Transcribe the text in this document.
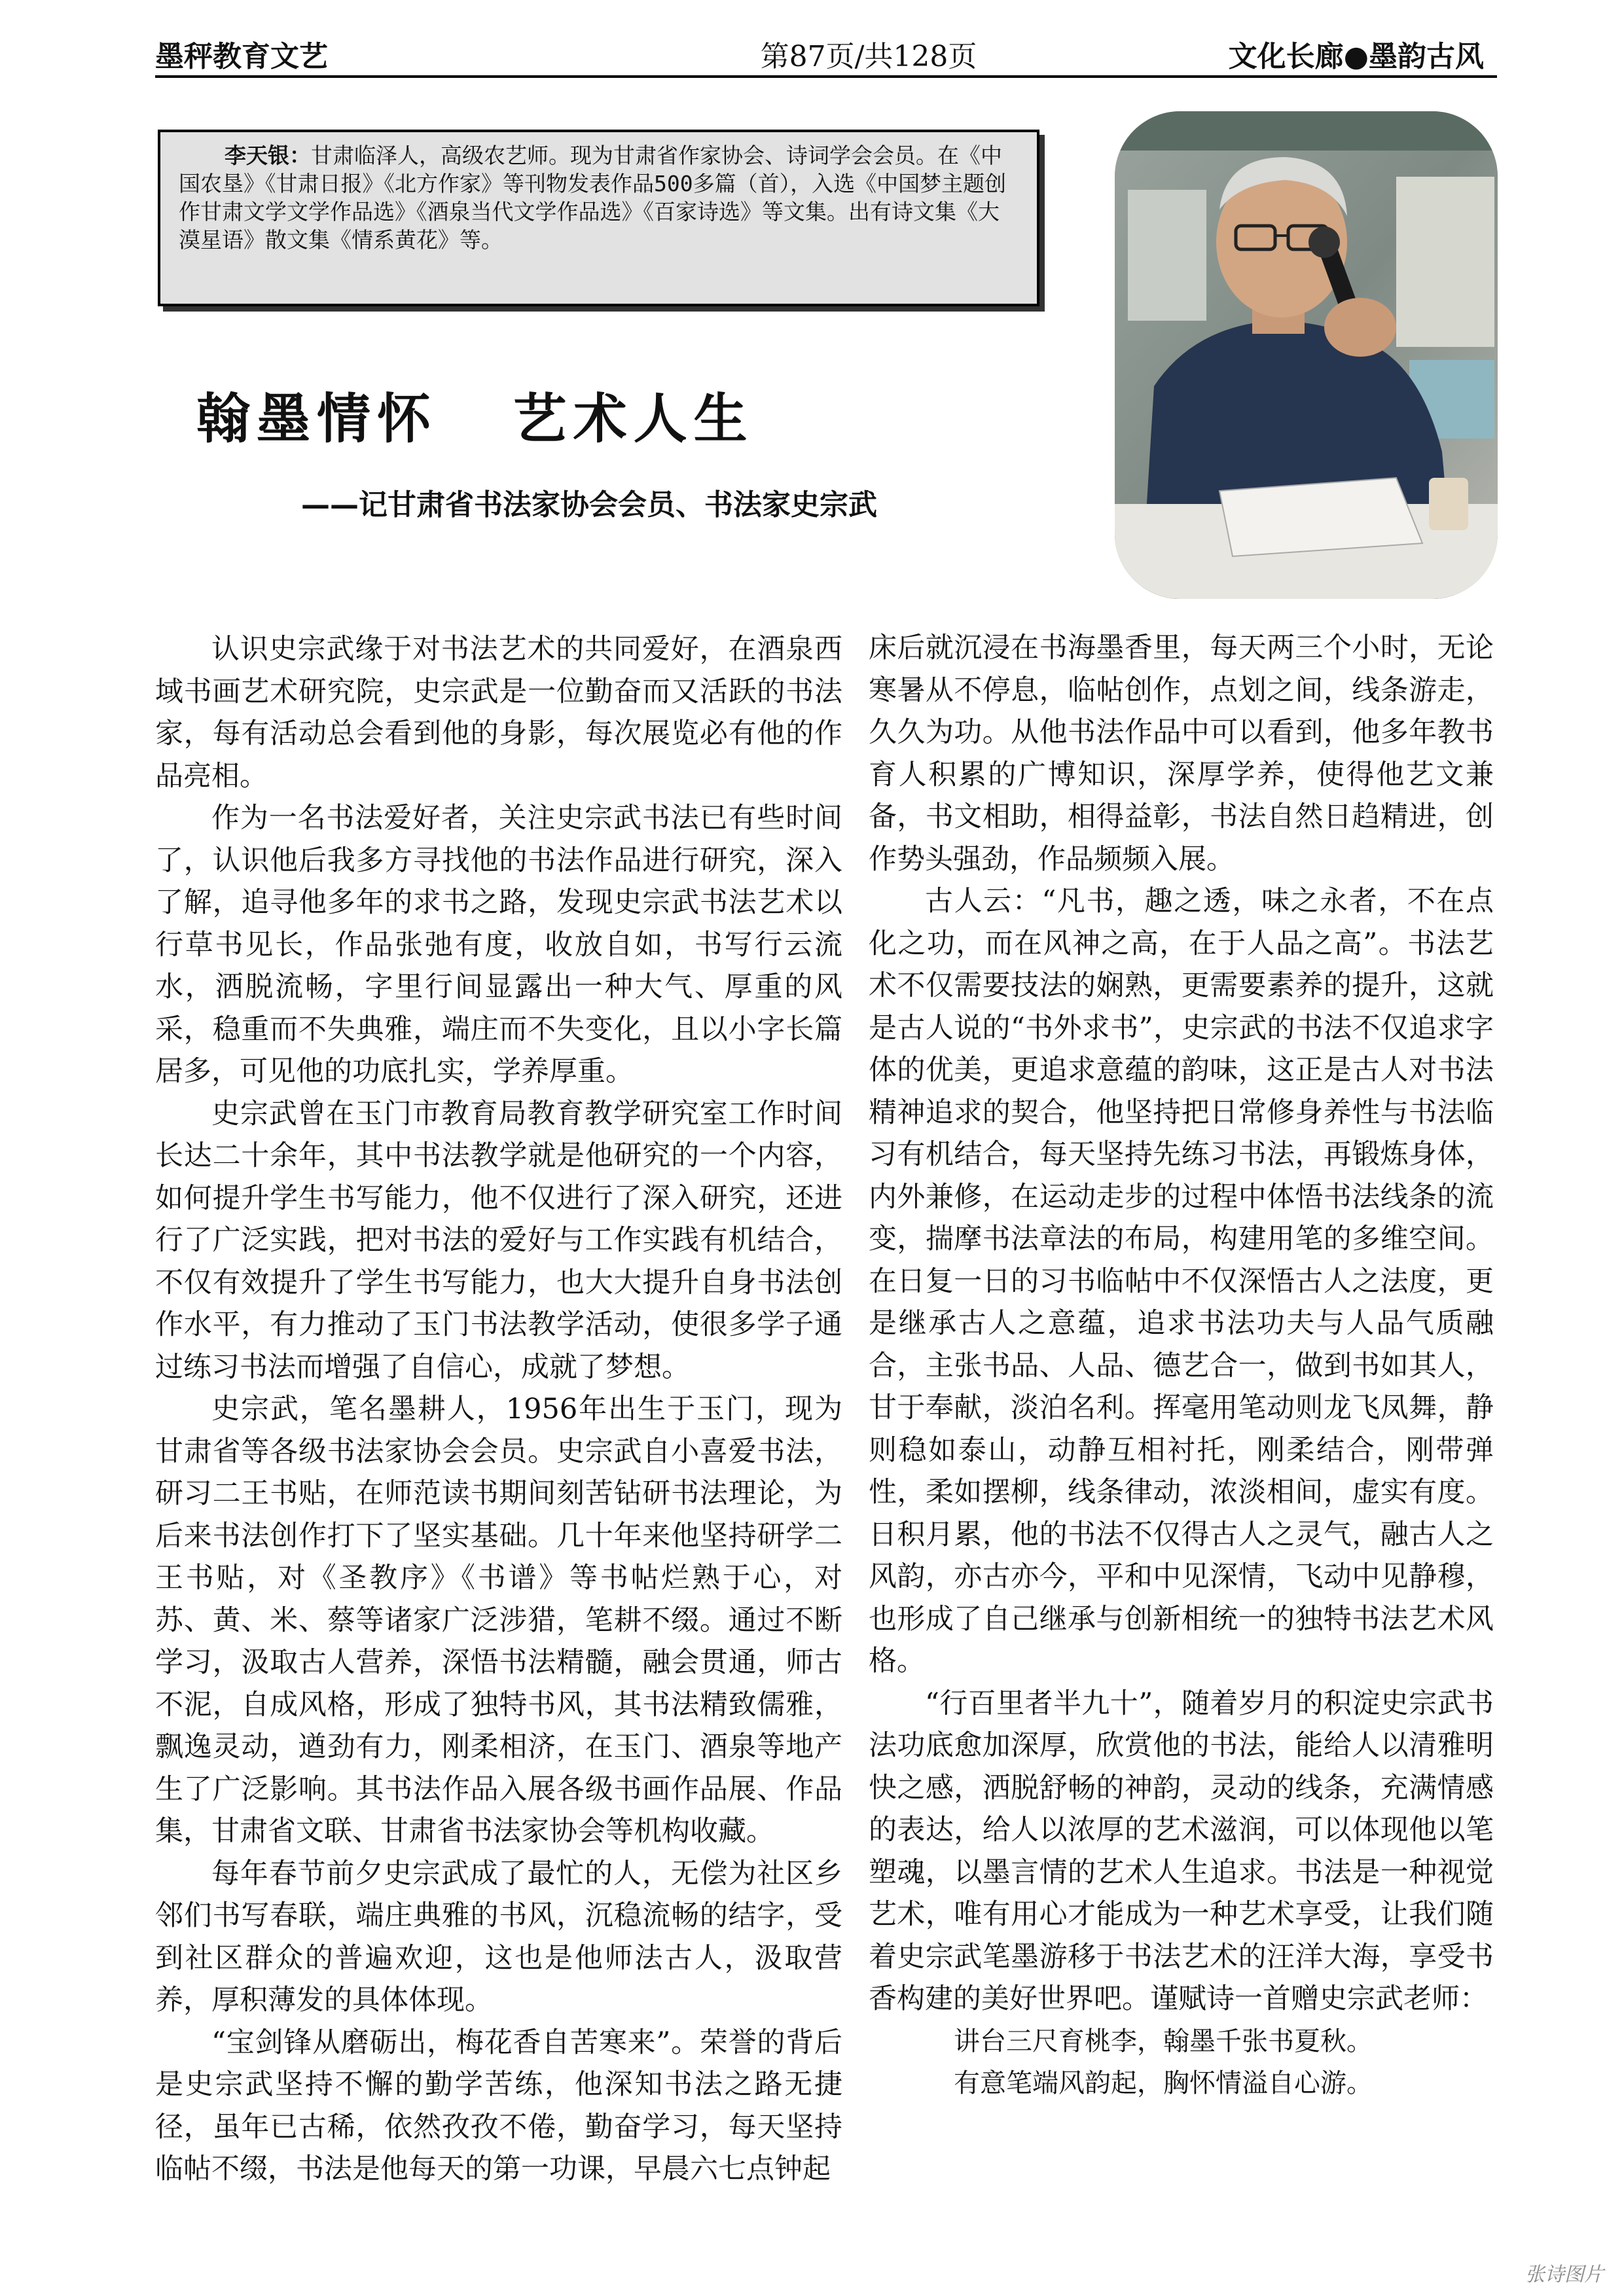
墨秤教育文艺	第87页/共128页	文化长廊●墨韵古风
李天银：甘肃临泽人，高级农艺师。现为甘肃省作家协会、诗词学会会员。在《中国农垦》《甘肃日报》《北方作家》等刊物发表作品500多篇（首），入选《中国梦主题创作甘肃文学文学作品选》《酒泉当代文学作品选》《百家诗选》等文集。出有诗文集《大漠星语》散文集《情系黄花》等。
翰墨情怀   艺术人生
——记甘肃省书法家协会会员、书法家史宗武

认识史宗武缘于对书法艺术的共同爱好，在酒泉西域书画艺术研究院，史宗武是一位勤奋而又活跃的书法家，每有活动总会看到他的身影，每次展览必有他的作品亮相。

作为一名书法爱好者，关注史宗武书法已有些时间了，认识他后我多方寻找他的书法作品进行研究，深入了解，追寻他多年的求书之路，发现史宗武书法艺术以行草书见长，作品张弛有度，收放自如，书写行云流水，洒脱流畅，字里行间显露出一种大气、厚重的风采，稳重而不失典雅，端庄而不失变化，且以小字长篇居多，可见他的功底扎实，学养厚重。

史宗武曾在玉门市教育局教育教学研究室工作时间长达二十余年，其中书法教学就是他研究的一个内容，如何提升学生书写能力，他不仅进行了深入研究，还进行了广泛实践，把对书法的爱好与工作实践有机结合，不仅有效提升了学生书写能力，也大大提升自身书法创作水平，有力推动了玉门书法教学活动，使很多学子通过练习书法而增强了自信心，成就了梦想。

史宗武，笔名墨耕人，1956年出生于玉门，现为甘肃省等各级书法家协会会员。史宗武自小喜爱书法，研习二王书贴，在师范读书期间刻苦钻研书法理论，为后来书法创作打下了坚实基础。几十年来他坚持研学二王书贴，对《圣教序》《书谱》等书帖烂熟于心，对苏、黄、米、蔡等诸家广泛涉猎，笔耕不缀。通过不断学习，汲取古人营养，深悟书法精髓，融会贯通，师古不泥，自成风格，形成了独特书风，其书法精致儒雅，飘逸灵动，遒劲有力，刚柔相济，在玉门、酒泉等地产生了广泛影响。其书法作品入展各级书画作品展、作品集，甘肃省文联、甘肃省书法家协会等机构收藏。

每年春节前夕史宗武成了最忙的人，无偿为社区乡邻们书写春联，端庄典雅的书风，沉稳流畅的结字，受到社区群众的普遍欢迎，这也是他师法古人，汲取营养，厚积薄发的具体体现。

“宝剑锋从磨砺出，梅花香自苦寒来”。荣誉的背后是史宗武坚持不懈的勤学苦练，他深知书法之路无捷径，虽年已古稀，依然孜孜不倦，勤奋学习，每天坚持临帖不缀，书法是他每天的第一功课，早晨六七点钟起

床后就沉浸在书海墨香里，每天两三个小时，无论寒暑从不停息，临帖创作，点划之间，线条游走，久久为功。从他书法作品中可以看到，他多年教书育人积累的广博知识，深厚学养，使得他艺文兼备，书文相助，相得益彰，书法自然日趋精进，创作势头强劲，作品频频入展。

古人云：“凡书，趣之透，味之永者，不在点化之功，而在风神之高，在于人品之高”。书法艺术不仅需要技法的娴熟，更需要素养的提升，这就是古人说的“书外求书”，史宗武的书法不仅追求字体的优美，更追求意蕴的韵味，这正是古人对书法精神追求的契合，他坚持把日常修身养性与书法临习有机结合，每天坚持先练习书法，再锻炼身体，内外兼修，在运动走步的过程中体悟书法线条的流变，揣摩书法章法的布局，构建用笔的多维空间。在日复一日的习书临帖中不仅深悟古人之法度，更是继承古人之意蕴，追求书法功夫与人品气质融合，主张书品、人品、德艺合一，做到书如其人，甘于奉献，淡泊名利。挥毫用笔动则龙飞凤舞，静则稳如泰山，动静互相衬托，刚柔结合，刚带弹性，柔如摆柳，线条律动，浓淡相间，虚实有度。日积月累，他的书法不仅得古人之灵气，融古人之风韵，亦古亦今，平和中见深情，飞动中见静穆，也形成了自己继承与创新相统一的独特书法艺术风格。

“行百里者半九十”，随着岁月的积淀史宗武书法功底愈加深厚，欣赏他的书法，能给人以清雅明快之感，洒脱舒畅的神韵，灵动的线条，充满情感的表达，给人以浓厚的艺术滋润，可以体现他以笔塑魂，以墨言情的艺术人生追求。书法是一种视觉艺术，唯有用心才能成为一种艺术享受，让我们随着史宗武笔墨游移于书法艺术的汪洋大海，享受书香构建的美好世界吧。谨赋诗一首赠史宗武老师：

讲台三尺育桃李，翰墨千张书夏秋。

有意笔端风韵起，胸怀情溢自心游。

张诗图片
